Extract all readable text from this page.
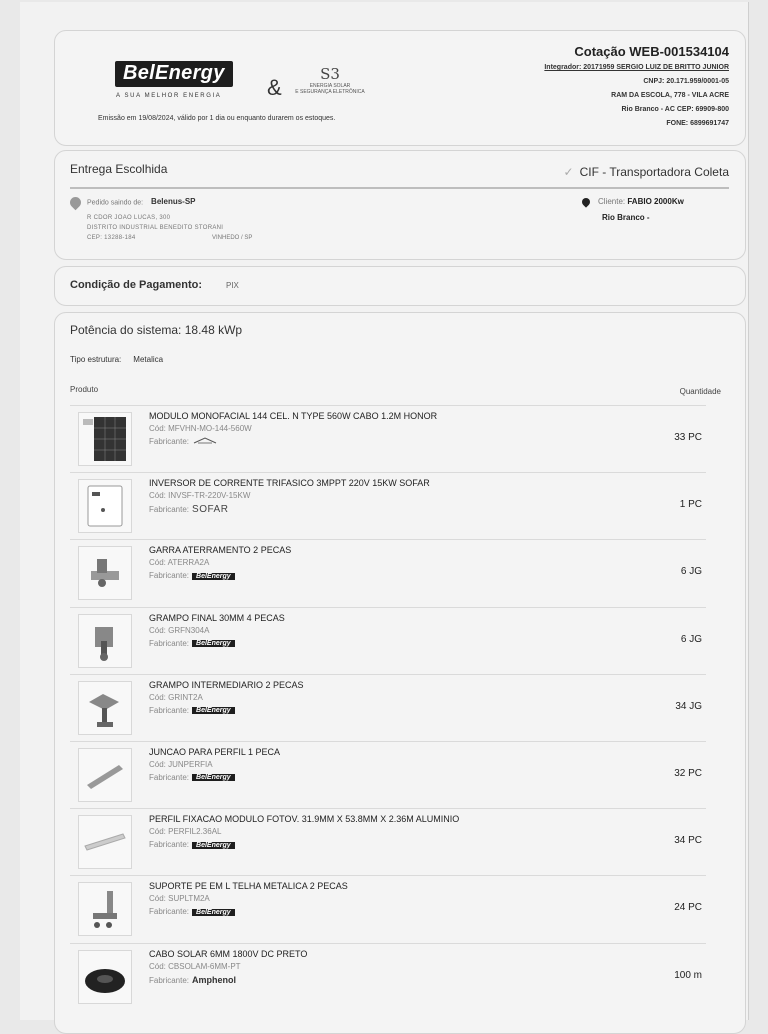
BelEnergy
A SUA MELHOR ENERGIA &
S3
ENERGIA SOLAR
E SEGURANÇA ELETRÔNICA
Emissão em 19/08/2024, válido por 1 dia ou enquanto durarem os estoques.
Cotação WEB-001534104
Integrador: 20171959 SERGIO LUIZ DE BRITTO JUNIOR
CNPJ: 20.171.959/0001-05
RAM DA ESCOLA, 778 - VILA ACRE
Rio Branco - AC CEP: 69909-800
FONE: 6899691747
Entrega Escolhida	✓ CIF - Transportadora Coleta
Pedido saindo de: Belenus-SP
R CDOR JOAO LUCAS, 300
DISTRITO INDUSTRIAL BENEDITO STORANI
CEP: 13288-184	VINHEDO / SP
Cliente: FABIO 2000Kw
Rio Branco -
Condição de Pagamento:	PIX
Potência do sistema: 18.48 kWp
Tipo estrutura: Metalica
Produto	Quantidade
MODULO MONOFACIAL 144 CEL. N TYPE 560W CABO 1.2M HONOR
Cód: MFVHN-MO-144-560W
Fabricante:	33 PC
INVERSOR DE CORRENTE TRIFASICO 3MPPT 220V 15KW SOFAR
Cód: INVSF-TR-220V-15KW
Fabricante: SOFAR	1 PC
GARRA ATERRAMENTO 2 PECAS
Cód: ATERRA2A
Fabricante: BelEnergy	6 JG
GRAMPO FINAL 30MM 4 PECAS
Cód: GRFN304A
Fabricante: BelEnergy	6 JG
GRAMPO INTERMEDIARIO 2 PECAS
Cód: GRINT2A
Fabricante: BelEnergy	34 JG
JUNCAO PARA PERFIL 1 PECA
Cód: JUNPERFIA
Fabricante: BelEnergy	32 PC
PERFIL FIXACAO MODULO FOTOV. 31.9MM X 53.8MM X 2.36M ALUMINIO
Cód: PERFIL2.36AL
Fabricante: BelEnergy	34 PC
SUPORTE PE EM L TELHA METALICA 2 PECAS
Cód: SUPLTM2A
Fabricante: BelEnergy	24 PC
CABO SOLAR 6MM 1800V DC PRETO
Cód: CBSOLAM-6MM-PT
Fabricante: Amphenol	100 m
